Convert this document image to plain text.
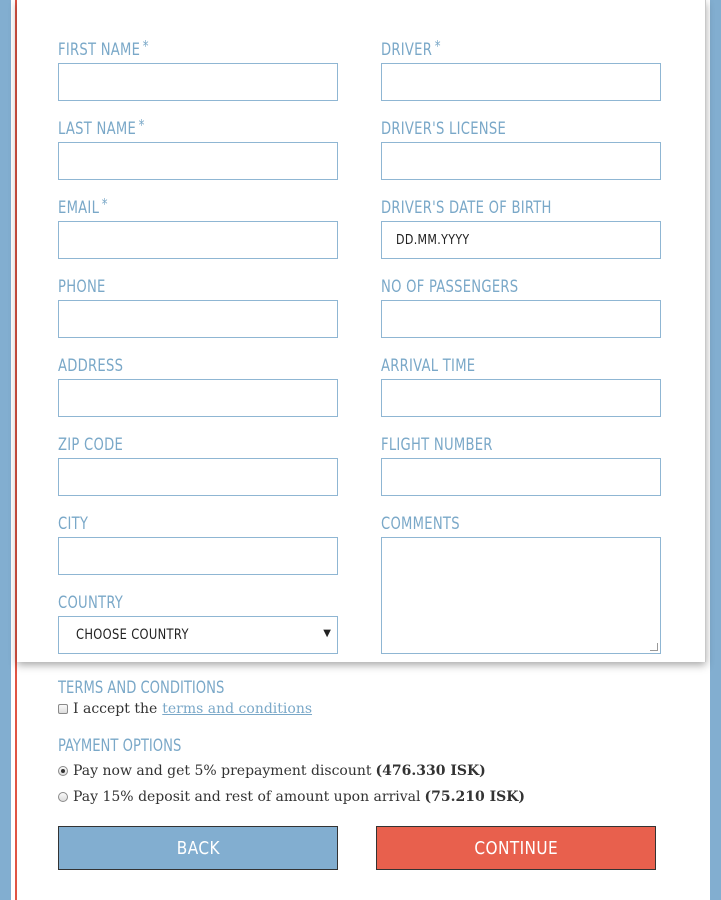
FIRST NAME *
LAST NAME *
EMAIL *
PHONE
ADDRESS
ZIP CODE
CITY
COUNTRY
CHOOSE COUNTRY	▼
DRIVER *
DRIVER'S LICENSE
DRIVER'S DATE OF BIRTH
DD.MM.YYYY
NO OF PASSENGERS
ARRIVAL TIME
FLIGHT NUMBER
COMMENTS
TERMS AND CONDITIONS
I accept the terms and conditions
PAYMENT OPTIONS
Pay now and get 5% prepayment discount (476.330 ISK)
Pay 15% deposit and rest of amount upon arrival (75.210 ISK)
BACK	CONTINUE
